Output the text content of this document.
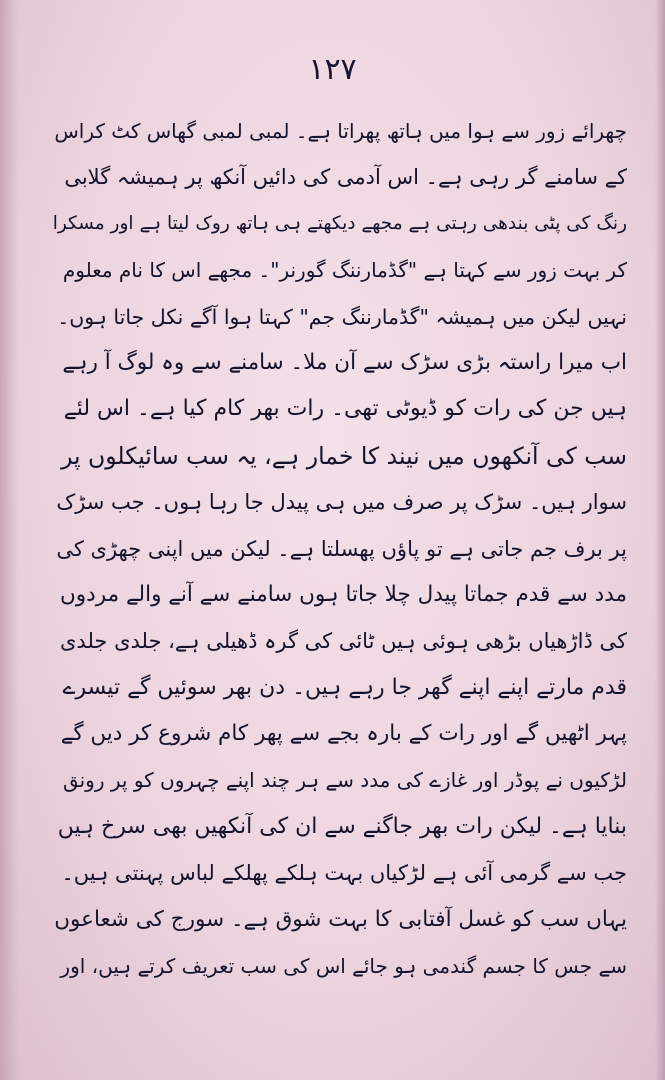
۱۲۷
چھرائے زور سے ہوا میں ہاتھ پھراتا ہے۔ لمبی لمبی گھاس کٹ کراس
کے سامنے گر رہی ہے۔ اس آدمی کی دائیں آنکھ پر ہمیشہ گلابی
رنگ کی پٹی بندھی رہتی ہے مجھے دیکھتے ہی ہاتھ روک لیتا ہے اور مسکرا
کر بہت زور سے کہتا ہے "گڈمارننگ گورنر"۔ مجھے اس کا نام معلوم
نہیں لیکن میں ہمیشہ "گڈمارننگ جم" کہتا ہوا آگے نکل جاتا ہوں۔
اب میرا راستہ بڑی سڑک سے آن ملا۔ سامنے سے وہ لوگ آ رہے
ہیں جن کی رات کو ڈیوٹی تھی۔ رات بھر کام کیا ہے۔ اس لئے
سب کی آنکھوں میں نیند کا خمار ہے، یہ سب سائیکلوں پر
سوار ہیں۔ سڑک پر صرف میں ہی پیدل جا رہا ہوں۔ جب سڑک
پر برف جم جاتی ہے تو پاؤں پھسلتا ہے۔ لیکن میں اپنی چھڑی کی
مدد سے قدم جماتا پیدل چلا جاتا ہوں سامنے سے آنے والے مردوں
کی ڈاڑھیاں بڑھی ہوئی ہیں ٹائی کی گرہ ڈھیلی ہے، جلدی جلدی
قدم مارتے اپنے اپنے گھر جا رہے ہیں۔ دن بھر سوئیں گے تیسرے
پہر اٹھیں گے اور رات کے بارہ بجے سے پھر کام شروع کر دیں گے
لڑکیوں نے پوڈر اور غازے کی مدد سے ہر چند اپنے چہروں کو پر رونق
بنایا ہے۔ لیکن رات بھر جاگنے سے ان کی آنکھیں بھی سرخ ہیں
جب سے گرمی آئی ہے لڑکیاں بہت ہلکے پھلکے لباس پہنتی ہیں۔
یہاں سب کو غسل آفتابی کا بہت شوق ہے۔ سورج کی شعاعوں
سے جس کا جسم گندمی ہو جائے اس کی سب تعریف کرتے ہیں، اور
